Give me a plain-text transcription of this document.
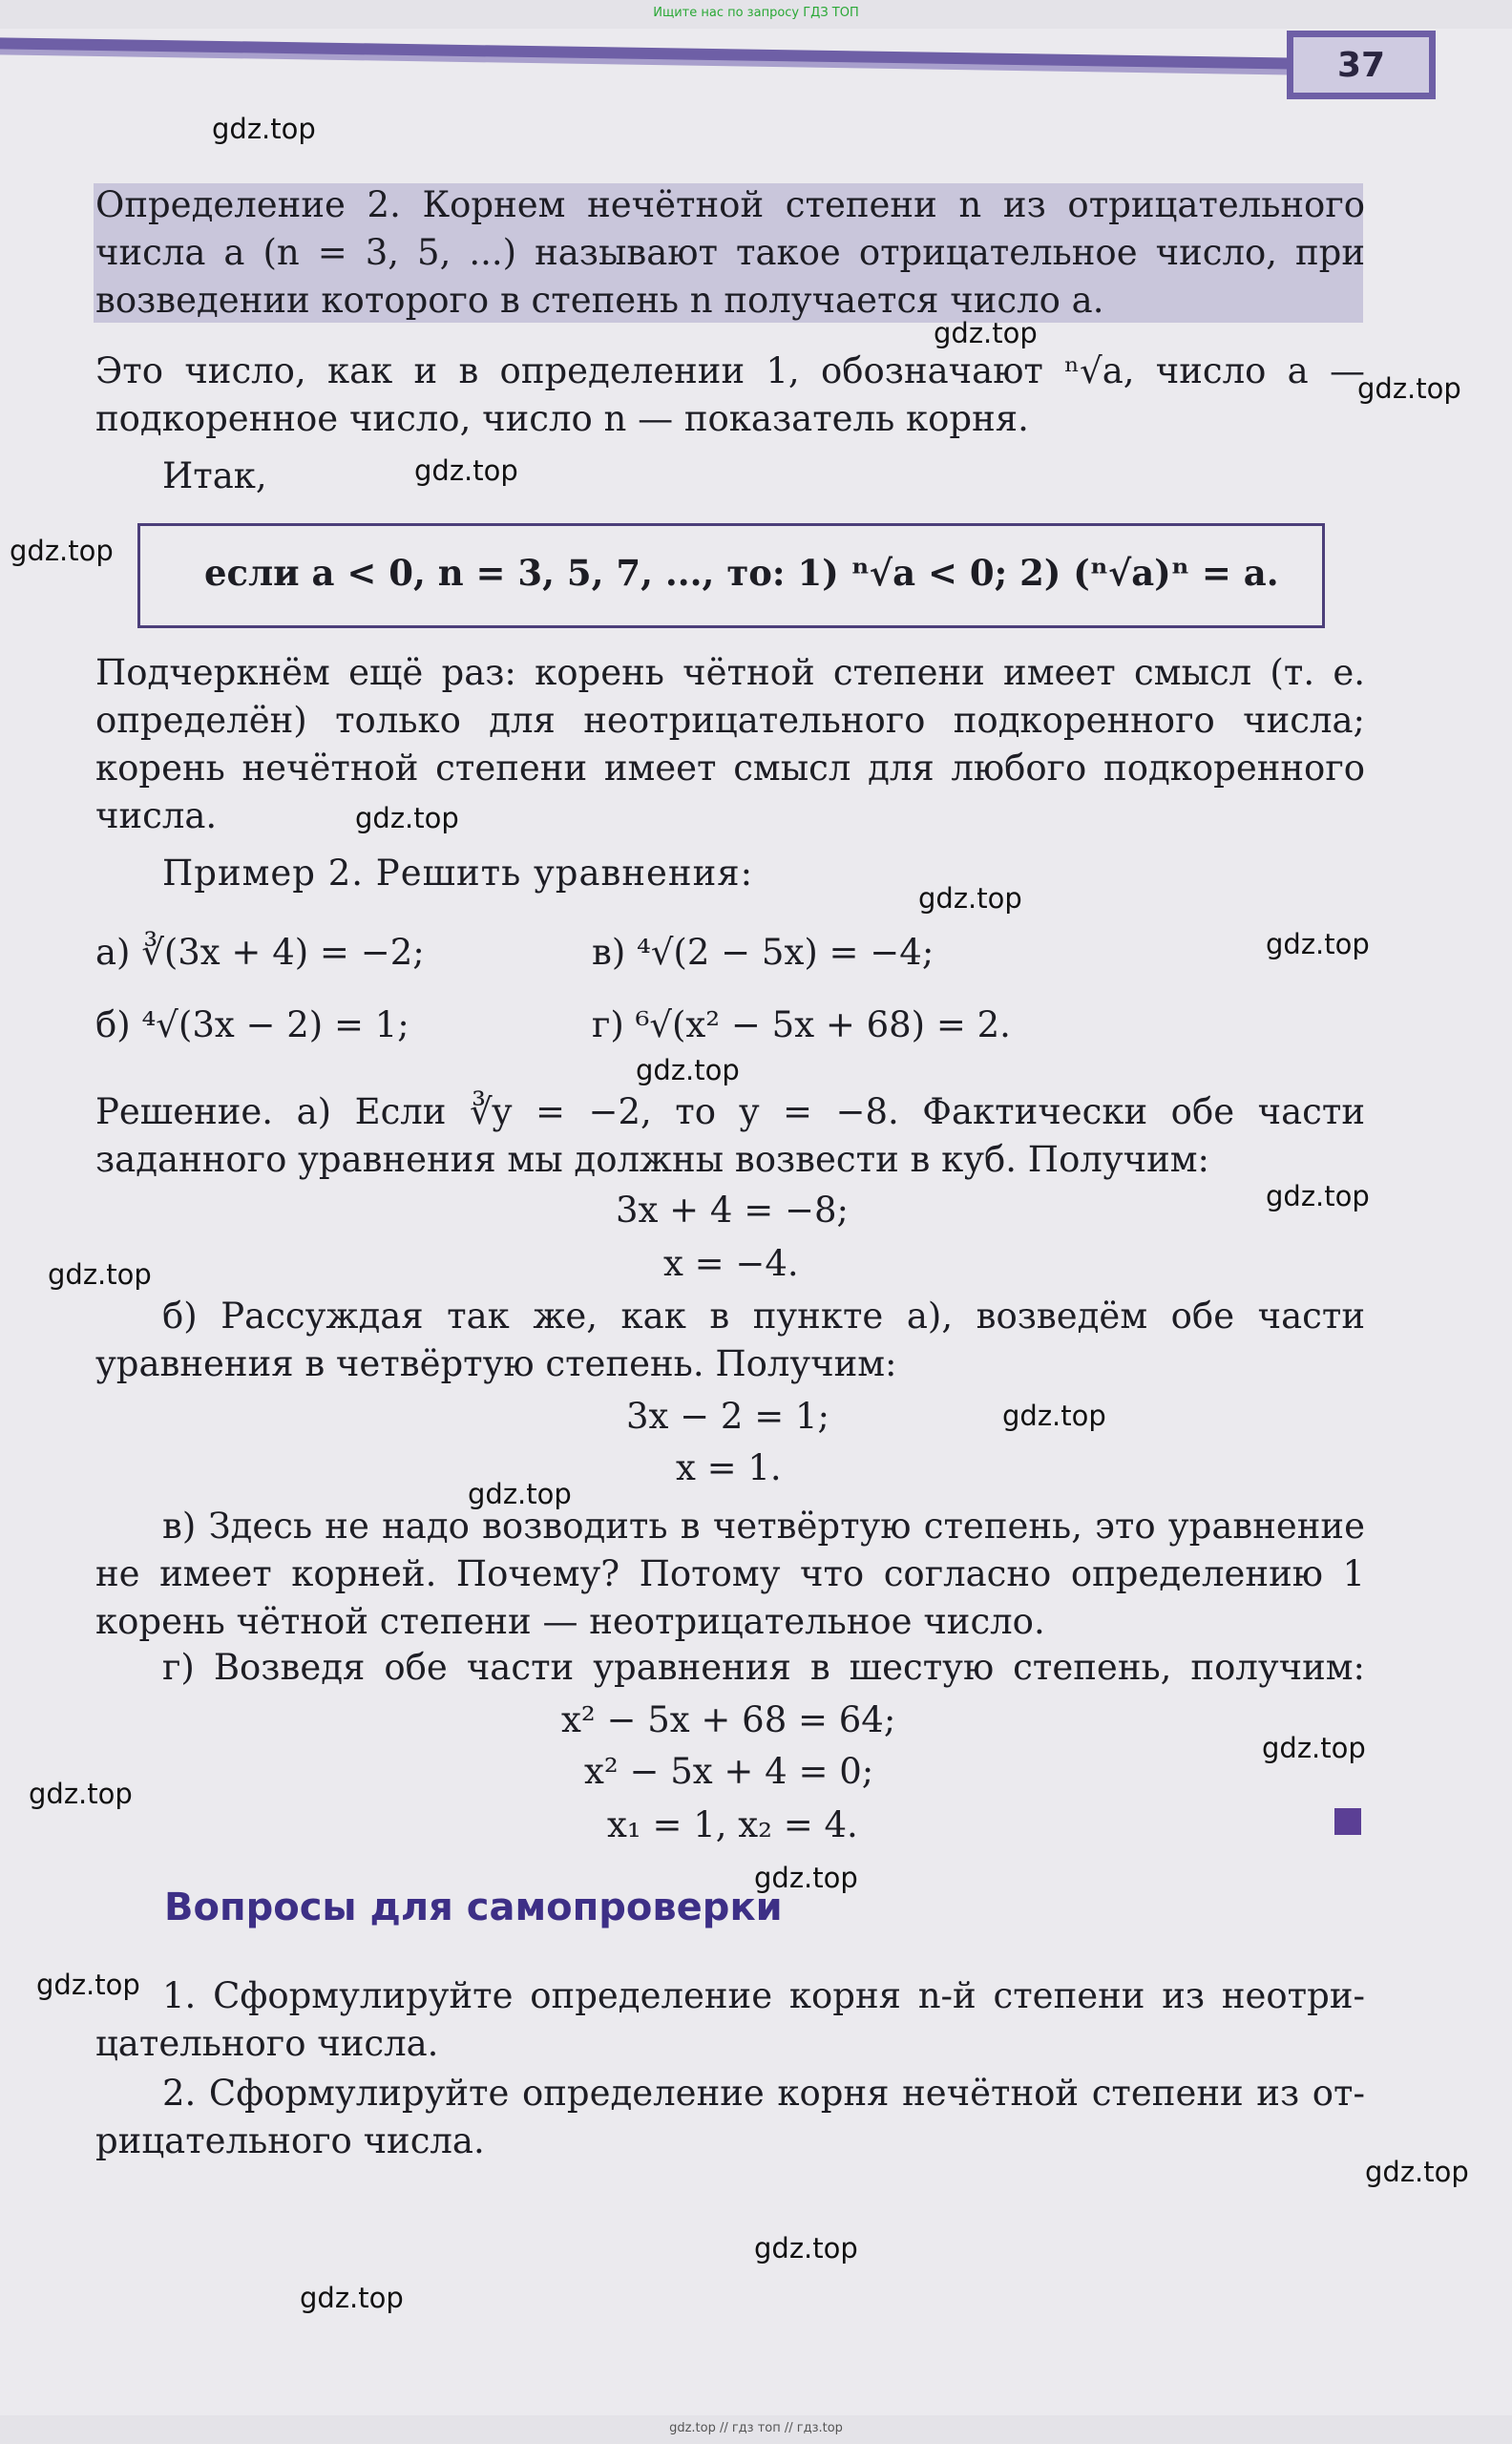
Ищите нас по запросу ГДЗ ТОП
37
Определение 2. Корнем нечётной степени n из отрицательного
числа a (n = 3, 5, ...) называют такое отрицательное число, при
возведении которого в степень n получается число a.
Это число, как и в определении 1, обозначают ⁿ√a, число a —
подкоренное число, число n — показатель корня.
Итак,
если a < 0, n = 3, 5, 7, ..., то: 1) ⁿ√a < 0; 2) (ⁿ√a)ⁿ = a.
Подчеркнём ещё раз: корень чётной степени имеет смысл (т. е.
определён) только для неотрицательного подкоренного числа;
корень нечётной степени имеет смысл для любого подкоренного
числа.
Пример 2. Решить уравнения:
а) ∛(3x + 4) = −2;
б) ⁴√(3x − 2) = 1;
в) ⁴√(2 − 5x) = −4;
г) ⁶√(x² − 5x + 68) = 2.
Решение. а) Если ∛y = −2, то y = −8. Фактически обе части
заданного уравнения мы должны возвести в куб. Получим:
3x + 4 = −8;
x = −4.
б) Рассуждая так же, как в пункте а), возведём обе части
уравнения в четвёртую степень. Получим:
3x − 2 = 1;
x = 1.
в) Здесь не надо возводить в четвёртую степень, это уравнение
не имеет корней. Почему? Потому что согласно определению 1
корень чётной степени — неотрицательное число.
г) Возведя обе части уравнения в шестую степень, получим:
x² − 5x + 68 = 64;
x² − 5x + 4 = 0;
x₁ = 1, x₂ = 4.
Вопросы для самопроверки
1. Сформулируйте определение корня n-й степени из неотри-
цательного числа.
2. Сформулируйте определение корня нечётной степени из от-
рицательного числа.
gdz.top
gdz.top
gdz.top
gdz.top
gdz.top
gdz.top
gdz.top
gdz.top
gdz.top
gdz.top
gdz.top
gdz.top
gdz.top
gdz.top
gdz.top
gdz.top
gdz.top
gdz.top
gdz.top
gdz.top
gdz.top // гдз топ // гдз.top
